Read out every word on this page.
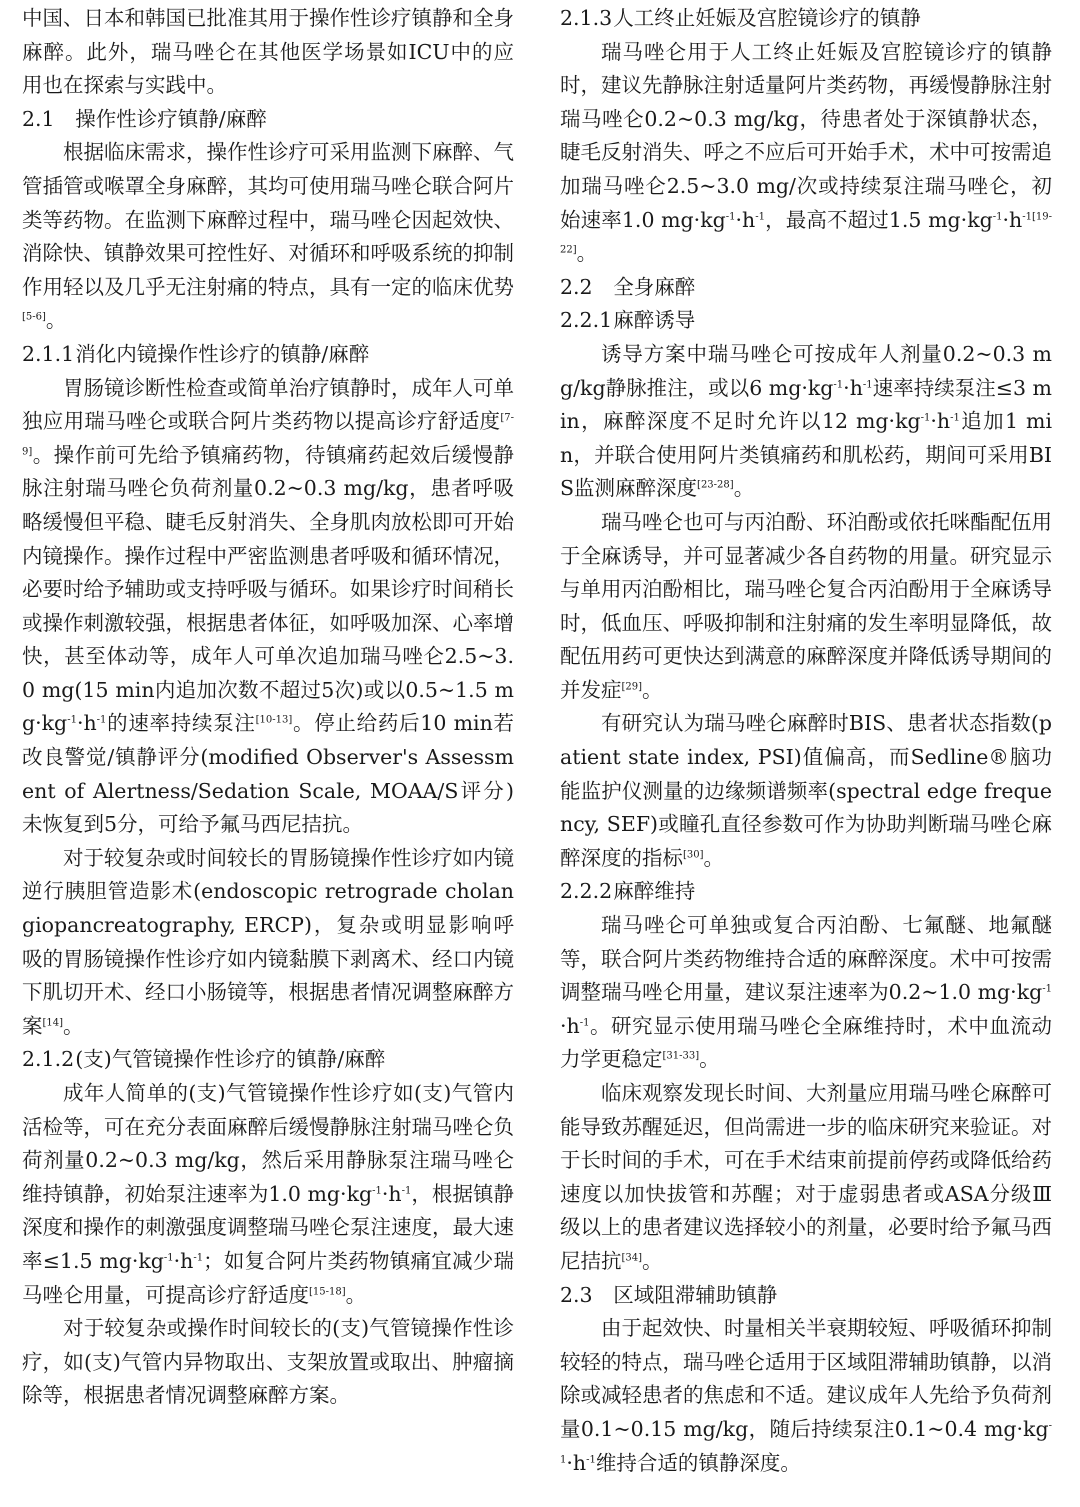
中国、日本和韩国已批准其用于操作性诊疗镇静和全身麻醉。此外，瑞马唑仑在其他医学场景如ICU中的应用也在探索与实践中。

2.1 操作性诊疗镇静/麻醉

根据临床需求，操作性诊疗可采用监测下麻醉、气管插管或喉罩全身麻醉，其均可使用瑞马唑仑联合阿片类等药物。在监测下麻醉过程中，瑞马唑仑因起效快、消除快、镇静效果可控性好、对循环和呼吸系统的抑制作用轻以及几乎无注射痛的特点，具有一定的临床优势[5-6]。

2.1.1消化内镜操作性诊疗的镇静/麻醉

胃肠镜诊断性检查或简单治疗镇静时，成年人可单独应用瑞马唑仑或联合阿片类药物以提高诊疗舒适度[7-9]。操作前可先给予镇痛药物，待镇痛药起效后缓慢静脉注射瑞马唑仑负荷剂量0.2~0.3 mg/kg，患者呼吸略缓慢但平稳、睫毛反射消失、全身肌肉放松即可开始内镜操作。操作过程中严密监测患者呼吸和循环情况，必要时给予辅助或支持呼吸与循环。如果诊疗时间稍长或操作刺激较强，根据患者体征，如呼吸加深、心率增快，甚至体动等，成年人可单次追加瑞马唑仑2.5~3.0 mg(15 min内追加次数不超过5次)或以0.5~1.5 $mg\cdot kg^{-1}\cdot h^{-1}$的速率持续泵注[10-13]。停止给药后10 min若改良警觉/镇静评分(modified Observer's Assessment of Alertness/Sedation Scale, MOAA/S评分)未恢复到5分，可给予氟马西尼拮抗。

对于较复杂或时间较长的胃肠镜操作性诊疗如内镜逆行胰胆管造影术(endoscopic retrograde cholangiopancreatography, ERCP)，复杂或明显影响呼吸的胃肠镜操作性诊疗如内镜黏膜下剥离术、经口内镜下肌切开术、经口小肠镜等，根据患者情况调整麻醉方案[14]。

2.1.2(支)气管镜操作性诊疗的镇静/麻醉

成年人简单的(支)气管镜操作性诊疗如(支)气管内活检等，可在充分表面麻醉后缓慢静脉注射瑞马唑仑负荷剂量0.2~0.3 mg/kg，然后采用静脉泵注瑞马唑仑维持镇静，初始泵注速率为1.0 $mg\cdot kg^{-1}\cdot h^{-1}$，根据镇静深度和操作的刺激强度调整瑞马唑仑泵注速度，最大速率≤1.5 $mg\cdot kg^{-1}\cdot h^{-1}$；如复合阿片类药物镇痛宜减少瑞马唑仑用量，可提高诊疗舒适度[15-18]。

对于较复杂或操作时间较长的(支)气管镜操作性诊疗，如(支)气管内异物取出、支架放置或取出、肿瘤摘除等，根据患者情况调整麻醉方案。

2.1.3人工终止妊娠及宫腔镜诊疗的镇静

瑞马唑仑用于人工终止妊娠及宫腔镜诊疗的镇静时，建议先静脉注射适量阿片类药物，再缓慢静脉注射瑞马唑仑0.2~0.3 mg/kg，待患者处于深镇静状态，睫毛反射消失、呼之不应后可开始手术，术中可按需追加瑞马唑仑2.5~3.0 mg/次或持续泵注瑞马唑仑，初始速率1.0 $mg\cdot kg^{-1}\cdot h^{-1}$，最高不超过1.5 $mg\cdot kg^{-1}\cdot h^{-1[19-22]}$。

2.2 全身麻醉

2.2.1麻醉诱导

诱导方案中瑞马唑仑可按成年人剂量0.2~0.3 mg/kg静脉推注，或以6 $mg\cdot kg^{-1}\cdot h^{-1}$速率持续泵注≤3 min，麻醉深度不足时允许以12 $mg\cdot kg^{-1}\cdot h^{-1}$追加1 min，并联合使用阿片类镇痛药和肌松药，期间可采用BIS监测麻醉深度[23-28]。

瑞马唑仑也可与丙泊酚、环泊酚或依托咪酯配伍用于全麻诱导，并可显著减少各自药物的用量。研究显示与单用丙泊酚相比，瑞马唑仑复合丙泊酚用于全麻诱导时，低血压、呼吸抑制和注射痛的发生率明显降低，故配伍用药可更快达到满意的麻醉深度并降低诱导期间的并发症[29]。

有研究认为瑞马唑仑麻醉时BIS、患者状态指数(patient state index, PSI)值偏高，而Sedline®脑功能监护仪测量的边缘频谱频率(spectral edge frequency, SEF)或瞳孔直径参数可作为协助判断瑞马唑仑麻醉深度的指标[30]。

2.2.2麻醉维持

瑞马唑仑可单独或复合丙泊酚、七氟醚、地氟醚等，联合阿片类药物维持合适的麻醉深度。术中可按需调整瑞马唑仑用量，建议泵注速率为0.2~1.0 $mg\cdot kg^{-1}\cdot h^{-1}$。研究显示使用瑞马唑仑全麻维持时，术中血流动力学更稳定[31-33]。

临床观察发现长时间、大剂量应用瑞马唑仑麻醉可能导致苏醒延迟，但尚需进一步的临床研究来验证。对于长时间的手术，可在手术结束前提前停药或降低给药速度以加快拔管和苏醒；对于虚弱患者或ASA分级Ⅲ级以上的患者建议选择较小的剂量，必要时给予氟马西尼拮抗[34]。

2.3 区域阻滞辅助镇静

由于起效快、时量相关半衰期较短、呼吸循环抑制较轻的特点，瑞马唑仑适用于区域阻滞辅助镇静，以消除或减轻患者的焦虑和不适。建议成年人先给予负荷剂量0.1~0.15 mg/kg，随后持续泵注0.1~0.4 $mg\cdot kg^{-1}\cdot h^{-1}$维持合适的镇静深度。
